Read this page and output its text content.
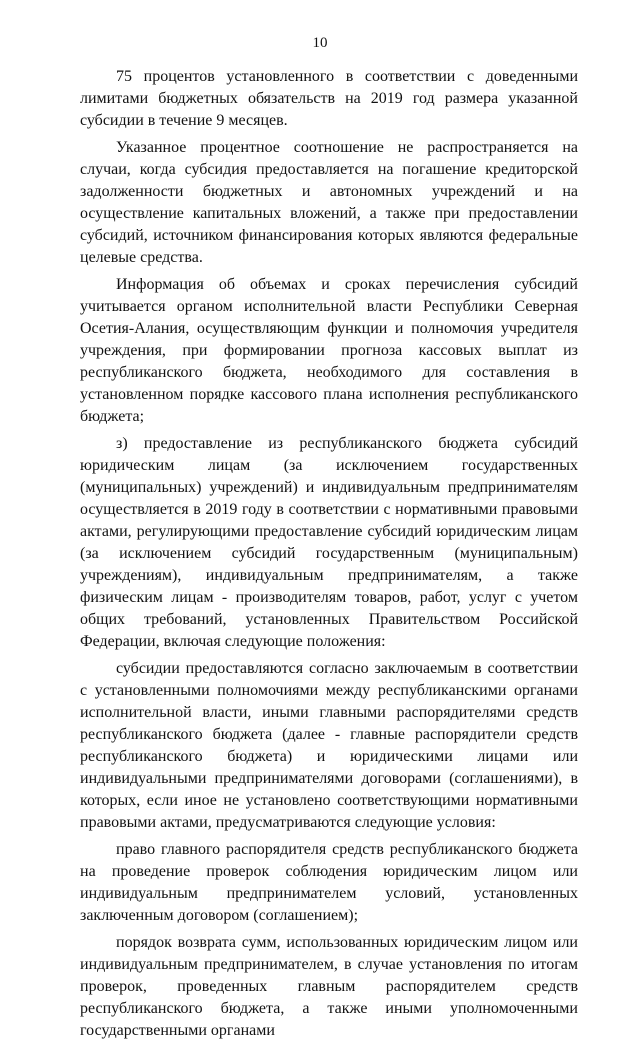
10

75 процентов установленного в соответствии с доведенными лимитами бюджетных обязательств на 2019 год размера указанной субсидии в течение 9 месяцев.

Указанное процентное соотношение не распространяется на случаи, когда субсидия предоставляется на погашение кредиторской задолженности бюджетных и автономных учреждений и на осуществление капитальных вложений, а также при предоставлении субсидий, источником финансирования которых являются федеральные целевые средства.

Информация об объемах и сроках перечисления субсидий учитывается органом исполнительной власти Республики Северная Осетия-Алания, осуществляющим функции и полномочия учредителя учреждения, при формировании прогноза кассовых выплат из республиканского бюджета, необходимого для составления в установленном порядке кассового плана исполнения республиканского бюджета;

з) предоставление из республиканского бюджета субсидий юридическим лицам (за исключением государственных (муниципальных) учреждений) и индивидуальным предпринимателям осуществляется в 2019 году в соответствии с нормативными правовыми актами, регулирующими предоставление субсидий юридическим лицам (за исключением субсидий государственным (муниципальным) учреждениям), индивидуальным предпринимателям, а также физическим лицам - производителям товаров, работ, услуг с учетом общих требований, установленных Правительством Российской Федерации, включая следующие положения:

субсидии предоставляются согласно заключаемым в соответствии с установленными полномочиями между республиканскими органами исполнительной власти, иными главными распорядителями средств республиканского бюджета (далее - главные распорядители средств республиканского бюджета) и юридическими лицами или индивидуальными предпринимателями договорами (соглашениями), в которых, если иное не установлено соответствующими нормативными правовыми актами, предусматриваются следующие условия:

право главного распорядителя средств республиканского бюджета на проведение проверок соблюдения юридическим лицом или индивидуальным предпринимателем условий, установленных заключенным договором (соглашением);

порядок возврата сумм, использованных юридическим лицом или индивидуальным предпринимателем, в случае установления по итогам проверок, проведенных главным распорядителем средств республиканского бюджета, а также иными уполномоченными государственными органами
